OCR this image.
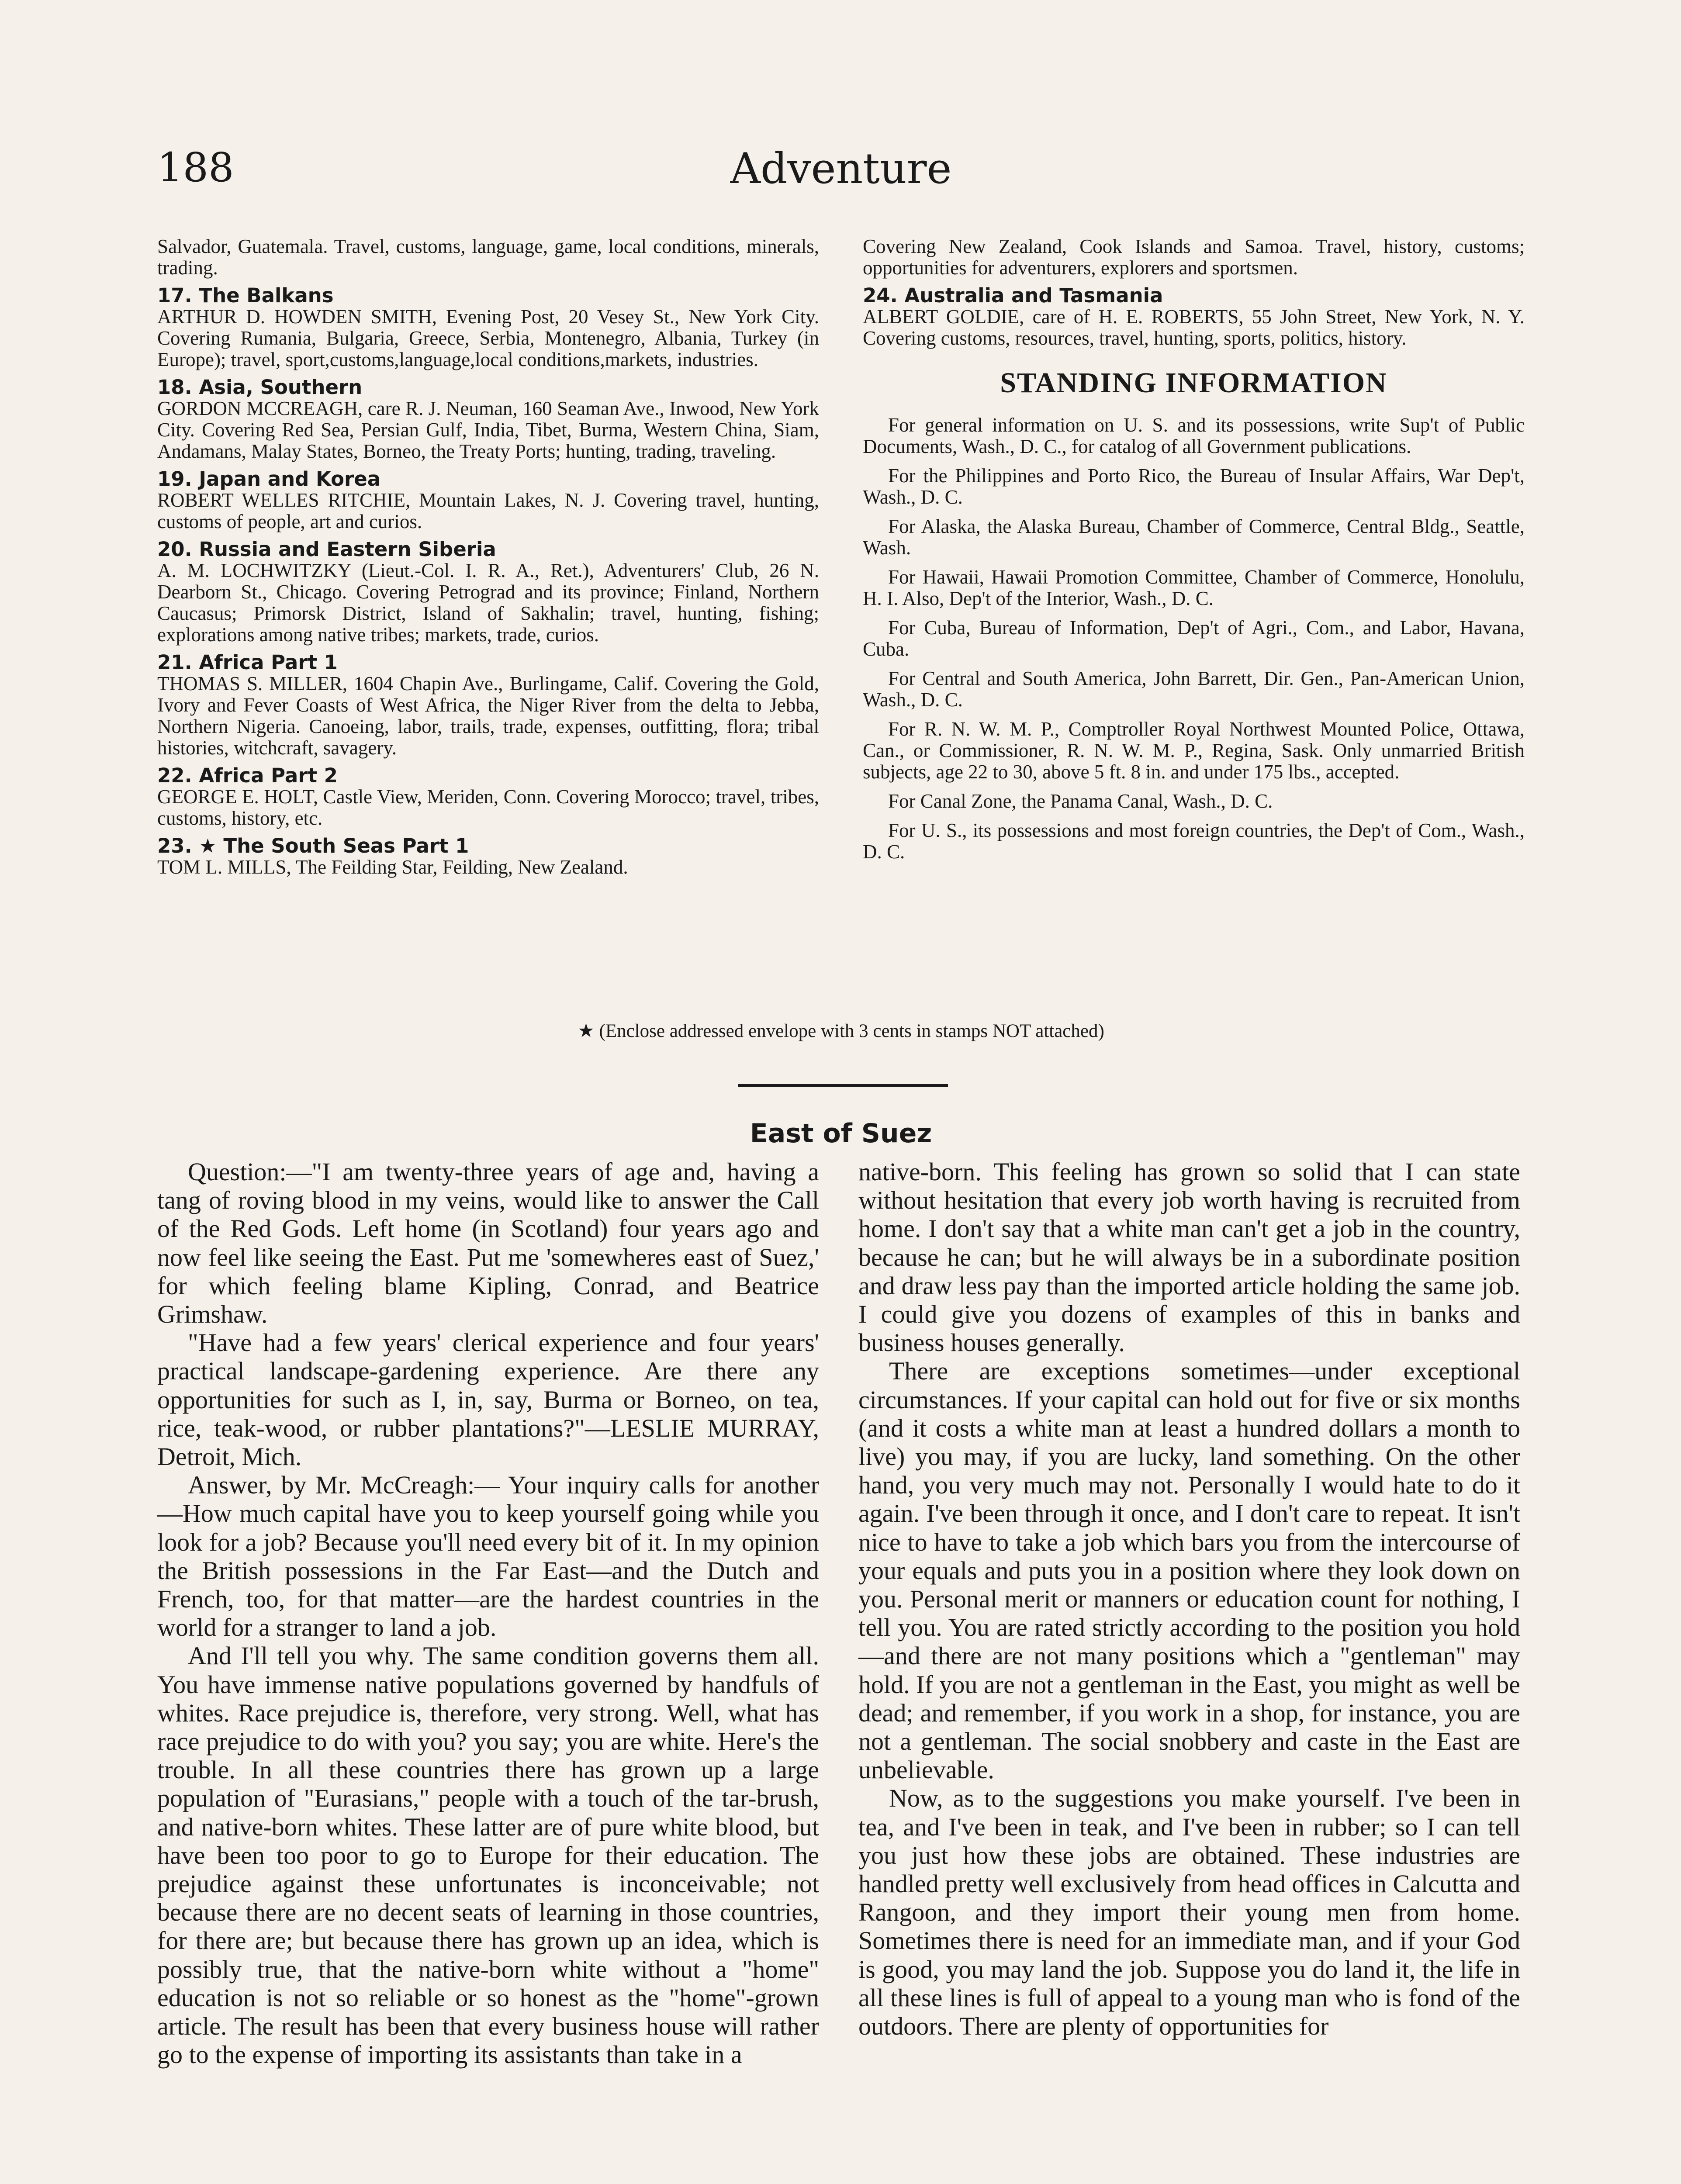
188	Adventure
Salvador, Guatemala. Travel, customs, language, game, local conditions, minerals, trading.
17. The Balkans
ARTHUR D. HOWDEN SMITH, Evening Post, 20 Vesey St., New York City. Covering Rumania, Bulgaria, Greece, Serbia, Montenegro, Albania, Turkey (in Europe); travel, sport,customs,language,local conditions,markets, industries.
18. Asia, Southern
GORDON MCCREAGH, care R. J. Neuman, 160 Seaman Ave., Inwood, New York City. Covering Red Sea, Persian Gulf, India, Tibet, Burma, Western China, Siam, Andamans, Malay States, Borneo, the Treaty Ports; hunting, trading, traveling.
19. Japan and Korea
ROBERT WELLES RITCHIE, Mountain Lakes, N. J. Covering travel, hunting, customs of people, art and curios.
20. Russia and Eastern Siberia
A. M. LOCHWITZKY (Lieut.-Col. I. R. A., Ret.), Adventurers' Club, 26 N. Dearborn St., Chicago. Covering Petrograd and its province; Finland, Northern Caucasus; Primorsk District, Island of Sakhalin; travel, hunting, fishing; explorations among native tribes; markets, trade, curios.
21. Africa Part 1
THOMAS S. MILLER, 1604 Chapin Ave., Burlingame, Calif. Covering the Gold, Ivory and Fever Coasts of West Africa, the Niger River from the delta to Jebba, Northern Nigeria. Canoeing, labor, trails, trade, expenses, outfitting, flora; tribal histories, witchcraft, savagery.
22. Africa Part 2
GEORGE E. HOLT, Castle View, Meriden, Conn. Covering Morocco; travel, tribes, customs, history, etc.
23. ★ The South Seas Part 1
TOM L. MILLS, The Feilding Star, Feilding, New Zealand.
Covering New Zealand, Cook Islands and Samoa. Travel, history, customs; opportunities for adventurers, explorers and sportsmen.
24. Australia and Tasmania
ALBERT GOLDIE, care of H. E. ROBERTS, 55 John Street, New York, N. Y. Covering customs, resources, travel, hunting, sports, politics, history.
STANDING INFORMATION
For general information on U. S. and its possessions, write Sup't of Public Documents, Wash., D. C., for catalog of all Government publications.
For the Philippines and Porto Rico, the Bureau of Insular Affairs, War Dep't, Wash., D. C.
For Alaska, the Alaska Bureau, Chamber of Commerce, Central Bldg., Seattle, Wash.
For Hawaii, Hawaii Promotion Committee, Chamber of Commerce, Honolulu, H. I. Also, Dep't of the Interior, Wash., D. C.
For Cuba, Bureau of Information, Dep't of Agri., Com., and Labor, Havana, Cuba.
For Central and South America, John Barrett, Dir. Gen., Pan-American Union, Wash., D. C.
For R. N. W. M. P., Comptroller Royal Northwest Mounted Police, Ottawa, Can., or Commissioner, R. N. W. M. P., Regina, Sask. Only unmarried British subjects, age 22 to 30, above 5 ft. 8 in. and under 175 lbs., accepted.
For Canal Zone, the Panama Canal, Wash., D. C.
For U. S., its possessions and most foreign countries, the Dep't of Com., Wash., D. C.
★ (Enclose addressed envelope with 3 cents in stamps NOT attached)
East of Suez

Question:—"I am twenty-three years of age and, having a tang of roving blood in my veins, would like to answer the Call of the Red Gods. Left home (in Scotland) four years ago and now feel like seeing the East. Put me 'somewheres east of Suez,' for which feeling blame Kipling, Conrad, and Beatrice Grimshaw.

"Have had a few years' clerical experience and four years' practical landscape-gardening experience. Are there any opportunities for such as I, in, say, Burma or Borneo, on tea, rice, teak-wood, or rubber plantations?"—LESLIE MURRAY, Detroit, Mich.

Answer, by Mr. McCreagh:— Your inquiry calls for another—How much capital have you to keep yourself going while you look for a job? Because you'll need every bit of it. In my opinion the British possessions in the Far East—and the Dutch and French, too, for that matter—are the hardest countries in the world for a stranger to land a job.

And I'll tell you why. The same condition governs them all. You have immense native populations governed by handfuls of whites. Race prejudice is, therefore, very strong. Well, what has race prejudice to do with you? you say; you are white. Here's the trouble. In all these countries there has grown up a large population of "Eurasians," people with a touch of the tar-brush, and native-born whites. These latter are of pure white blood, but have been too poor to go to Europe for their education. The prejudice against these unfortunates is inconceivable; not because there are no decent seats of learning in those countries, for there are; but because there has grown up an idea, which is possibly true, that the native-born white without a "home" education is not so reliable or so honest as the "home"-grown article. The result has been that every business house will rather go to the expense of importing its assistants than take in a

native-born. This feeling has grown so solid that I can state without hesitation that every job worth having is recruited from home. I don't say that a white man can't get a job in the country, because he can; but he will always be in a subordinate position and draw less pay than the imported article holding the same job. I could give you dozens of examples of this in banks and business houses generally.

There are exceptions sometimes—under exceptional circumstances. If your capital can hold out for five or six months (and it costs a white man at least a hundred dollars a month to live) you may, if you are lucky, land something. On the other hand, you very much may not. Personally I would hate to do it again. I've been through it once, and I don't care to repeat. It isn't nice to have to take a job which bars you from the intercourse of your equals and puts you in a position where they look down on you. Personal merit or manners or education count for nothing, I tell you. You are rated strictly according to the position you hold—and there are not many positions which a "gentleman" may hold. If you are not a gentleman in the East, you might as well be dead; and remember, if you work in a shop, for instance, you are not a gentleman. The social snobbery and caste in the East are unbelievable.

Now, as to the suggestions you make yourself. I've been in tea, and I've been in teak, and I've been in rubber; so I can tell you just how these jobs are obtained. These industries are handled pretty well exclusively from head offices in Calcutta and Rangoon, and they import their young men from home. Sometimes there is need for an immediate man, and if your God is good, you may land the job. Suppose you do land it, the life in all these lines is full of appeal to a young man who is fond of the outdoors. There are plenty of opportunities for
